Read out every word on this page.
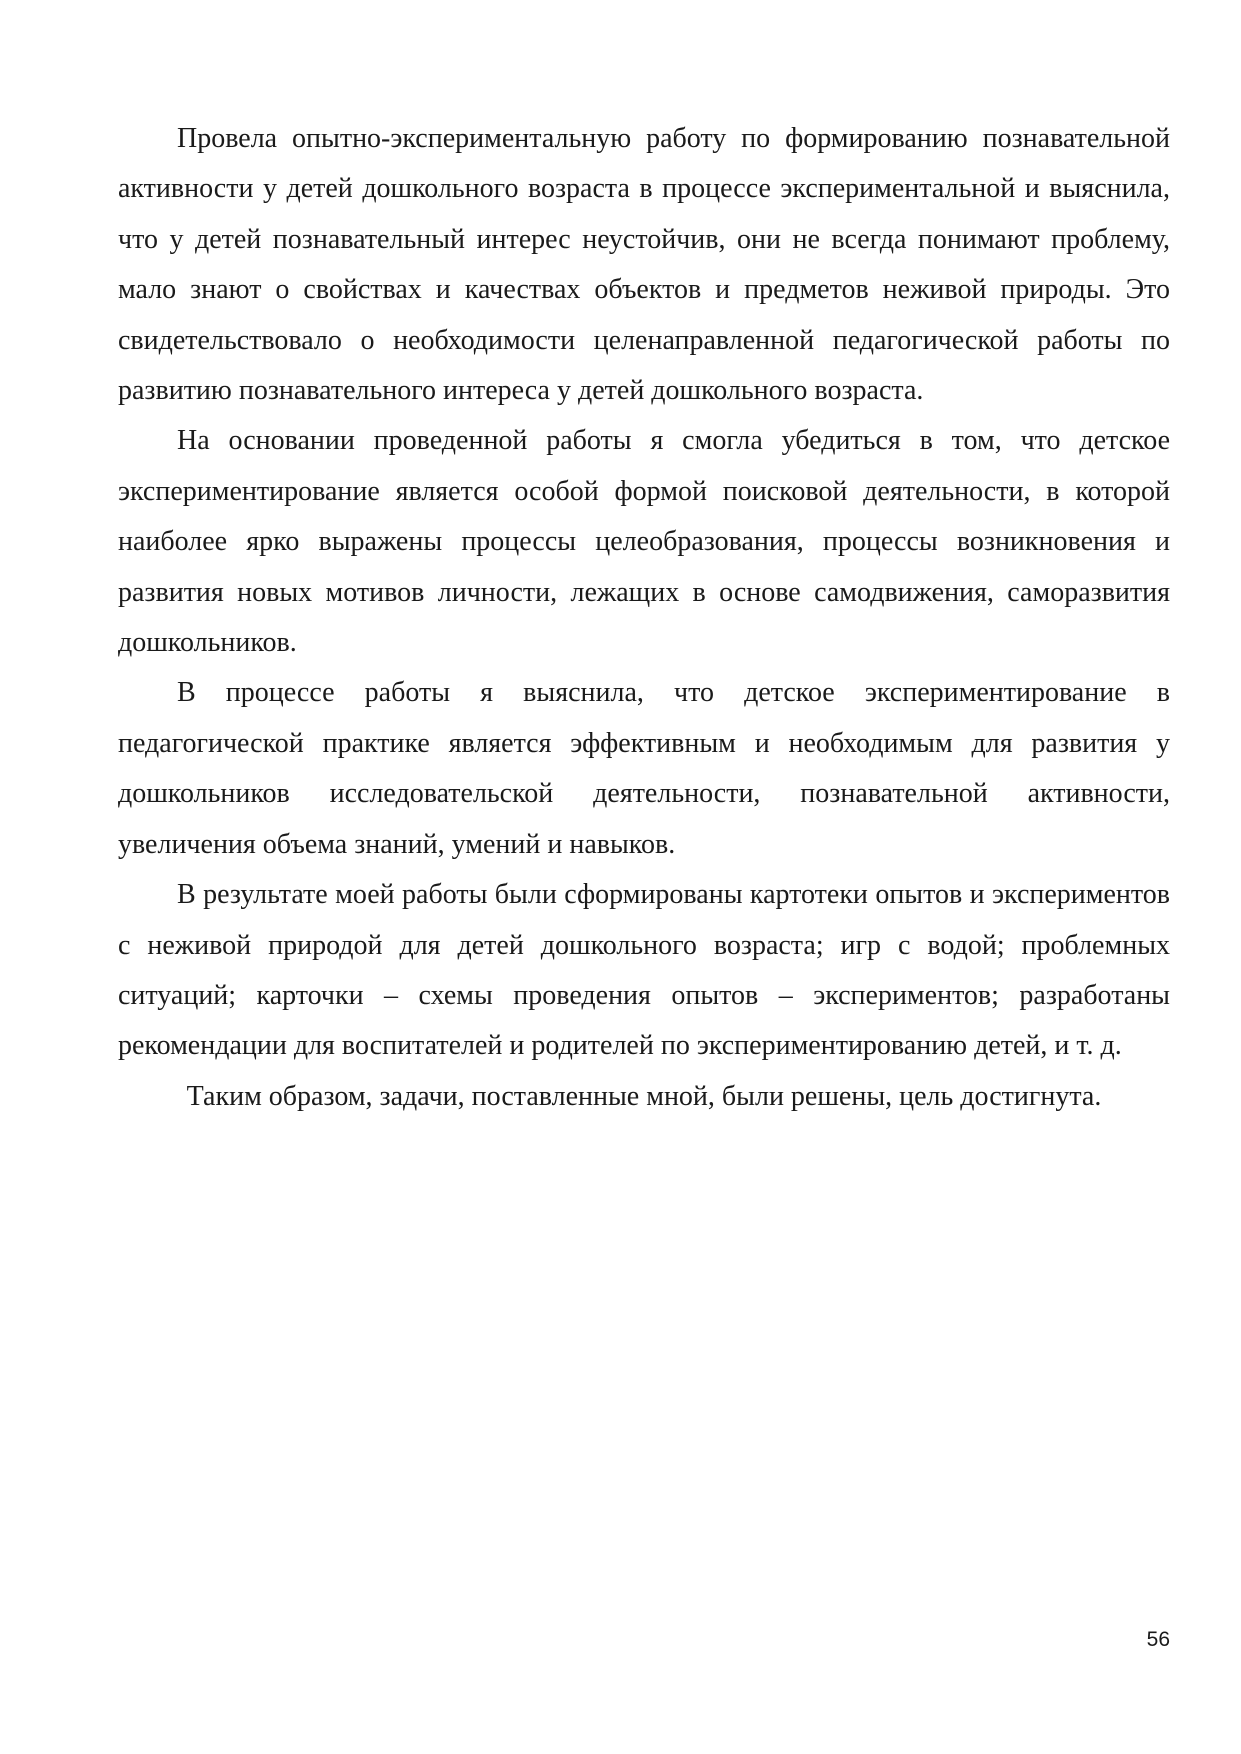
Провела опытно-экспериментальную работу по формированию познавательной активности у детей дошкольного возраста в процессе экспериментальной и выяснила, что у детей познавательный интерес неустойчив, они не всегда понимают проблему, мало знают о свойствах и качествах объектов и предметов неживой природы. Это свидетельствовало о необходимости целенаправленной педагогической работы по развитию познавательного интереса у детей дошкольного возраста.

На основании проведенной работы я смогла убедиться в том, что детское экспериментирование является особой формой поисковой деятельности, в которой наиболее ярко выражены процессы целеобразования, процессы возникновения и развития новых мотивов личности, лежащих в основе самодвижения, саморазвития дошкольников.

В процессе работы я выяснила, что детское экспериментирование в педагогической практике является эффективным и необходимым для развития у дошкольников исследовательской деятельности, познавательной активности, увеличения объема знаний, умений и навыков.

В результате моей работы были сформированы картотеки опытов и экспериментов с неживой природой для детей дошкольного возраста; игр с водой; проблемных ситуаций; карточки – схемы проведения опытов – экспериментов; разработаны рекомендации для воспитателей и родителей по экспериментированию детей, и т. д.

Таким образом, задачи, поставленные мной, были решены, цель достигнута.

56
